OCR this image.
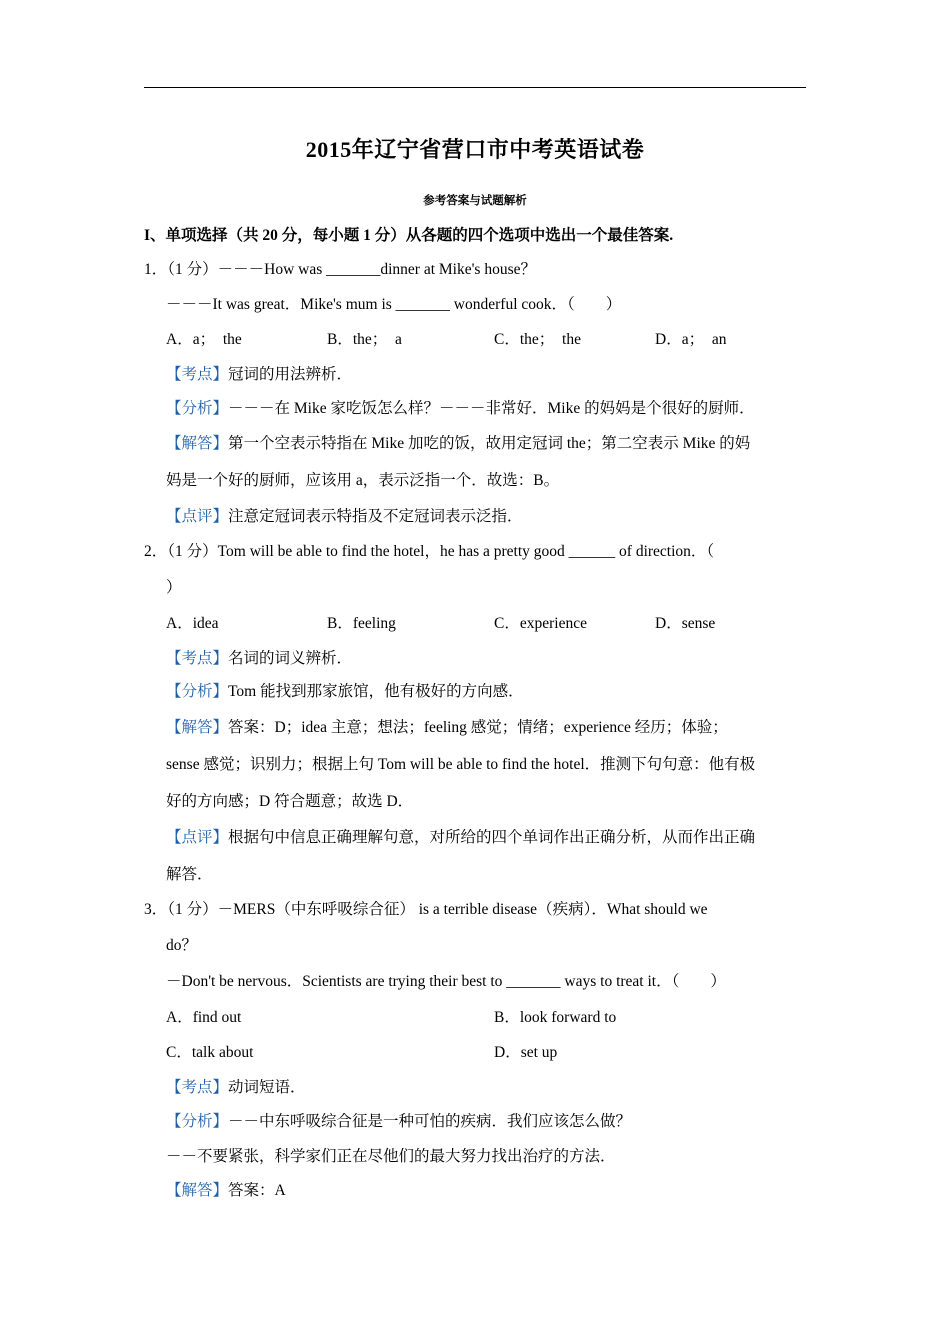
2015年辽宁省营口市中考英语试卷
参考答案与试题解析
I、单项选择（共 20 分，每小题 1 分）从各题的四个选项中选出一个最佳答案.
1．（1 分）－－－How was _______dinner at Mike's house？
－－－It was great．Mike's mum is _______ wonderful cook．（　　）
A．a；　the	B．the；　a	C．the；　the	D．a；　an
【考点】冠词的用法辨析．
【分析】－－－在 Mike 家吃饭怎么样？－－－非常好．Mike 的妈妈是个很好的厨师．
【解答】第一个空表示特指在 Mike 加吃的饭，故用定冠词 the；第二空表示 Mike 的妈
妈是一个好的厨师，应该用 a，表示泛指一个．故选：B。
【点评】注意定冠词表示特指及不定冠词表示泛指．
2．（1 分）Tom will be able to find the hotel，he has a pretty good ______ of direction．（
）
A．idea	B．feeling	C．experience	D．sense
【考点】名词的词义辨析．
【分析】Tom 能找到那家旅馆，他有极好的方向感．
【解答】答案：D；idea 主意；想法；feeling 感觉；情绪；experience 经历；体验；
sense 感觉；识别力；根据上句 Tom will be able to find the hotel．推测下句句意：他有极
好的方向感；D 符合题意；故选 D．
【点评】根据句中信息正确理解句意，对所给的四个单词作出正确分析，从而作出正确
解答．
3．（1 分）－MERS（中东呼吸综合征） is a terrible disease（疾病）．What should we
do？
－Don't be nervous．Scientists are trying their best to _______ ways to treat it．（　　）
A．find out	B．look forward to
C．talk about	D．set up
【考点】动词短语．
【分析】－－中东呼吸综合征是一种可怕的疾病．我们应该怎么做？
－－不要紧张，科学家们正在尽他们的最大努力找出治疗的方法．
【解答】答案：A
